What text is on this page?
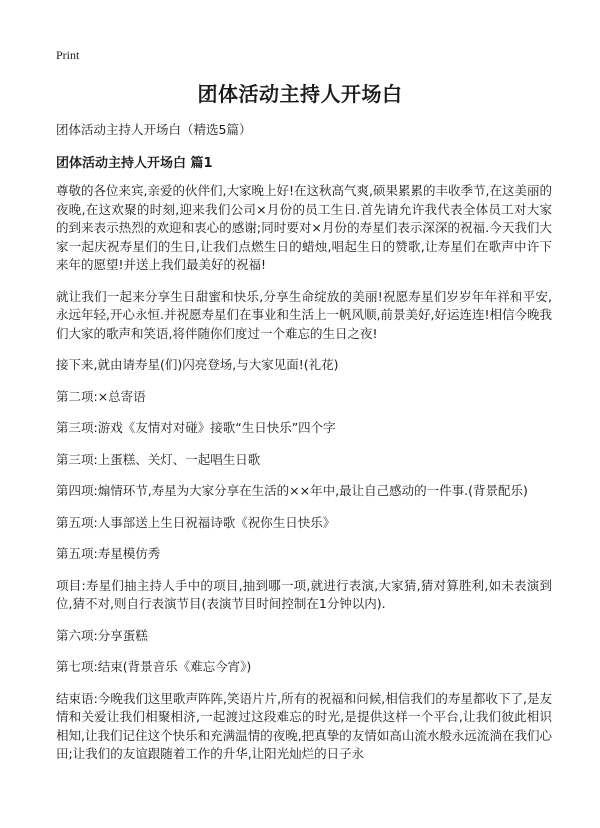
Print
团体活动主持人开场白

团体活动主持人开场白（精选5篇）

团体活动主持人开场白 篇1

尊敬的各位来宾,亲爱的伙伴们,大家晚上好!在这秋高气爽,硕果累累的丰收季节,在这美丽的夜晚,在这欢聚的时刻,迎来我们公司×月份的员工生日.首先请允许我代表全体员工对大家的到来表示热烈的欢迎和衷心的感谢;同时要对×月份的寿星们表示深深的祝福.今天我们大家一起庆祝寿星们的生日,让我们点燃生日的蜡烛,唱起生日的赞歌,让寿星们在歌声中许下来年的愿望!并送上我们最美好的祝福!

就让我们一起来分享生日甜蜜和快乐,分享生命绽放的美丽!祝愿寿星们岁岁年年祥和平安,永远年轻,开心永恒.并祝愿寿星们在事业和生活上一帆风顺,前景美好,好运连连!相信今晚我们大家的歌声和笑语,将伴随你们度过一个难忘的生日之夜!

接下来,就由请寿星(们)闪亮登场,与大家见面!(礼花)

第二项:×总寄语

第三项:游戏《友情对对碰》接歌“生日快乐”四个字

第三项:上蛋糕、关灯、一起唱生日歌

第四项:煽情环节,寿星为大家分享在生活的××年中,最让自己感动的一件事.(背景配乐)

第五项:人事部送上生日祝福诗歌《祝你生日快乐》

第五项:寿星模仿秀

项目:寿星们抽主持人手中的项目,抽到哪一项,就进行表演,大家猜,猜对算胜利,如未表演到位,猜不对,则自行表演节目(表演节目时间控制在1分钟以内).

第六项:分享蛋糕

第七项:结束(背景音乐《难忘今宵》)

结束语:今晚我们这里歌声阵阵,笑语片片,所有的祝福和问候,相信我们的寿星都收下了,是友情和关爱让我们相聚相济,一起渡过这段难忘的时光,是提供这样一个平台,让我们彼此相识相知,让我们记住这个快乐和充满温情的夜晚,把真挚的友情如高山流水般永远流淌在我们心田;让我们的友谊跟随着工作的升华,让阳光灿烂的日子永
